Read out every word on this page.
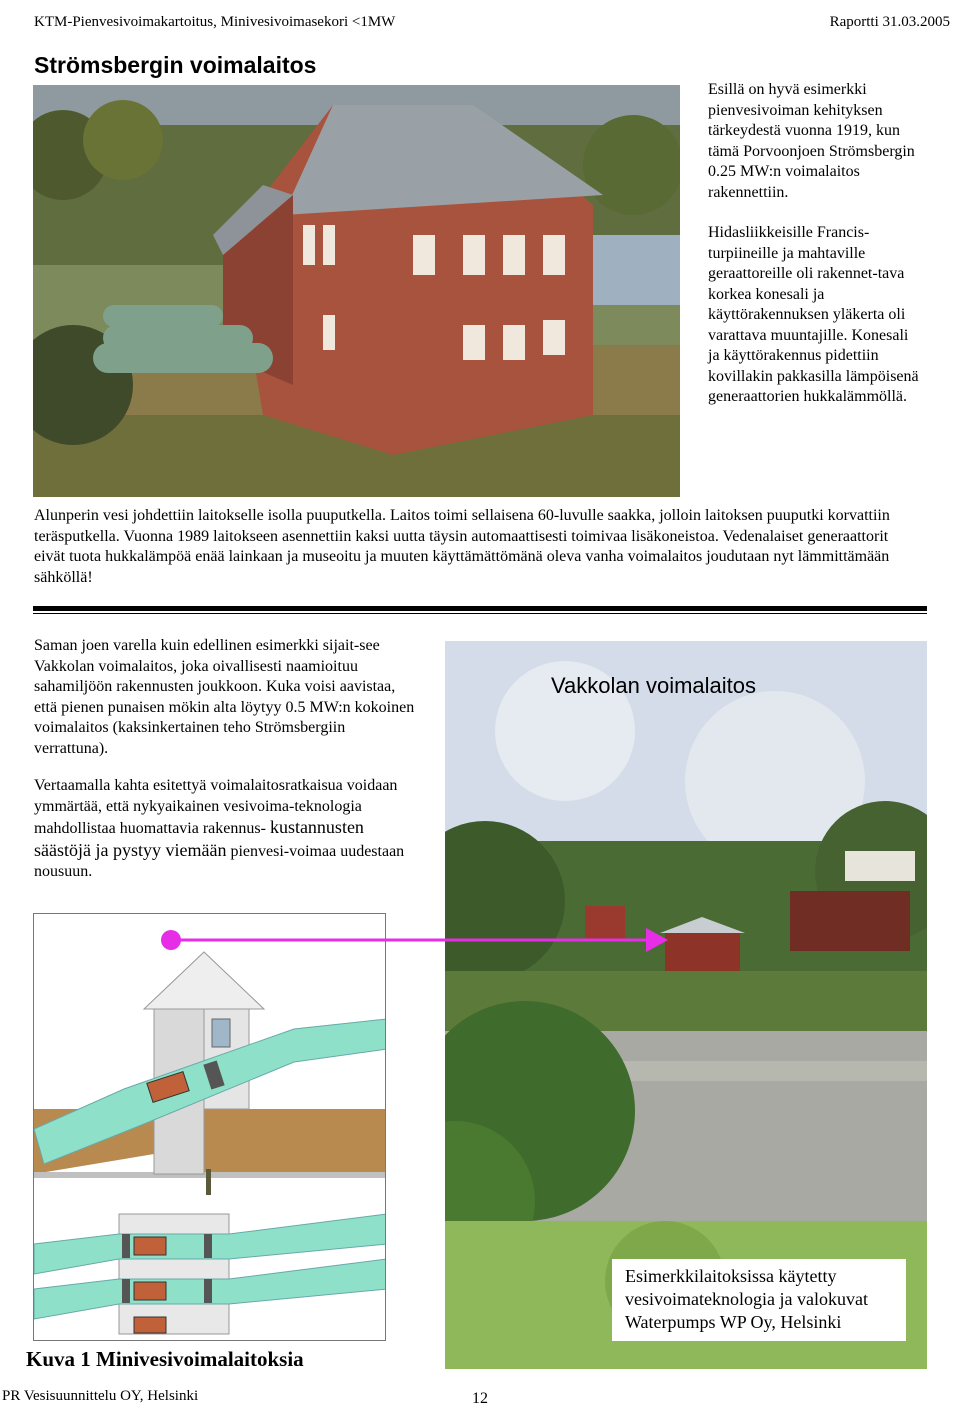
KTM-Pienvesivoimakartoitus, Minivesivoimasekori <1MW	Raportti 31.03.2005
Strömsbergin voimalaitos

Esillä on hyvä esimerkki pienvesivoiman kehityksen tärkeydestä vuonna 1919, kun tämä Porvoonjoen Strömsbergin 0.25 MW:n voimalaitos rakennettiin.

Hidasliikkeisille Francis-turpiineille ja mahtaville geraattoreille oli rakennet-tava korkea konesali ja käyttörakennuksen yläkerta oli varattava muuntajille. Konesali ja käyttörakennus pidettiin kovillakin pakkasilla lämpöisenä generaattorien hukkalämmöllä.

Alunperin vesi johdettiin laitokselle isolla puuputkella. Laitos toimi sellaisena 60-luvulle saakka, jolloin laitoksen puuputki korvattiin teräsputkella. Vuonna 1989 laitokseen asennettiin kaksi uutta täysin automaattisesti toimivaa lisäkoneistoa. Vedenalaiset generaattorit eivät tuota hukkalämpöä enää lainkaan ja museoitu ja muuten käyttämättömänä oleva vanha voimalaitos joudutaan nyt lämmittämään sähköllä!
Saman joen varella kuin edellinen esimerkki sijait-see Vakkolan voimalaitos, joka oivallisesti naamioituu sahamiljöön rakennusten joukkoon. Kuka voisi aavistaa, että pienen punaisen mökin alta löytyy 0.5 MW:n kokoinen voimalaitos (kaksinkertainen teho Strömsbergiin verrattuna).
Vertaamalla kahta esitettyä voimalaitosratkaisua voidaan ymmärtää, että nykyaikainen vesivoima-teknologia mahdollistaa huomattavia rakennus- kustannusten säästöjä ja pystyy viemään pienvesi-voimaa uudestaan nousuun.
Vakkolan voimalaitos
Esimerkkilaitoksissa käytetty vesivoimateknologia ja valokuvat Waterpumps WP Oy, Helsinki
Kuva 1 Minivesivoimalaitoksia
PR Vesisuunnittelu OY, Helsinki	12
